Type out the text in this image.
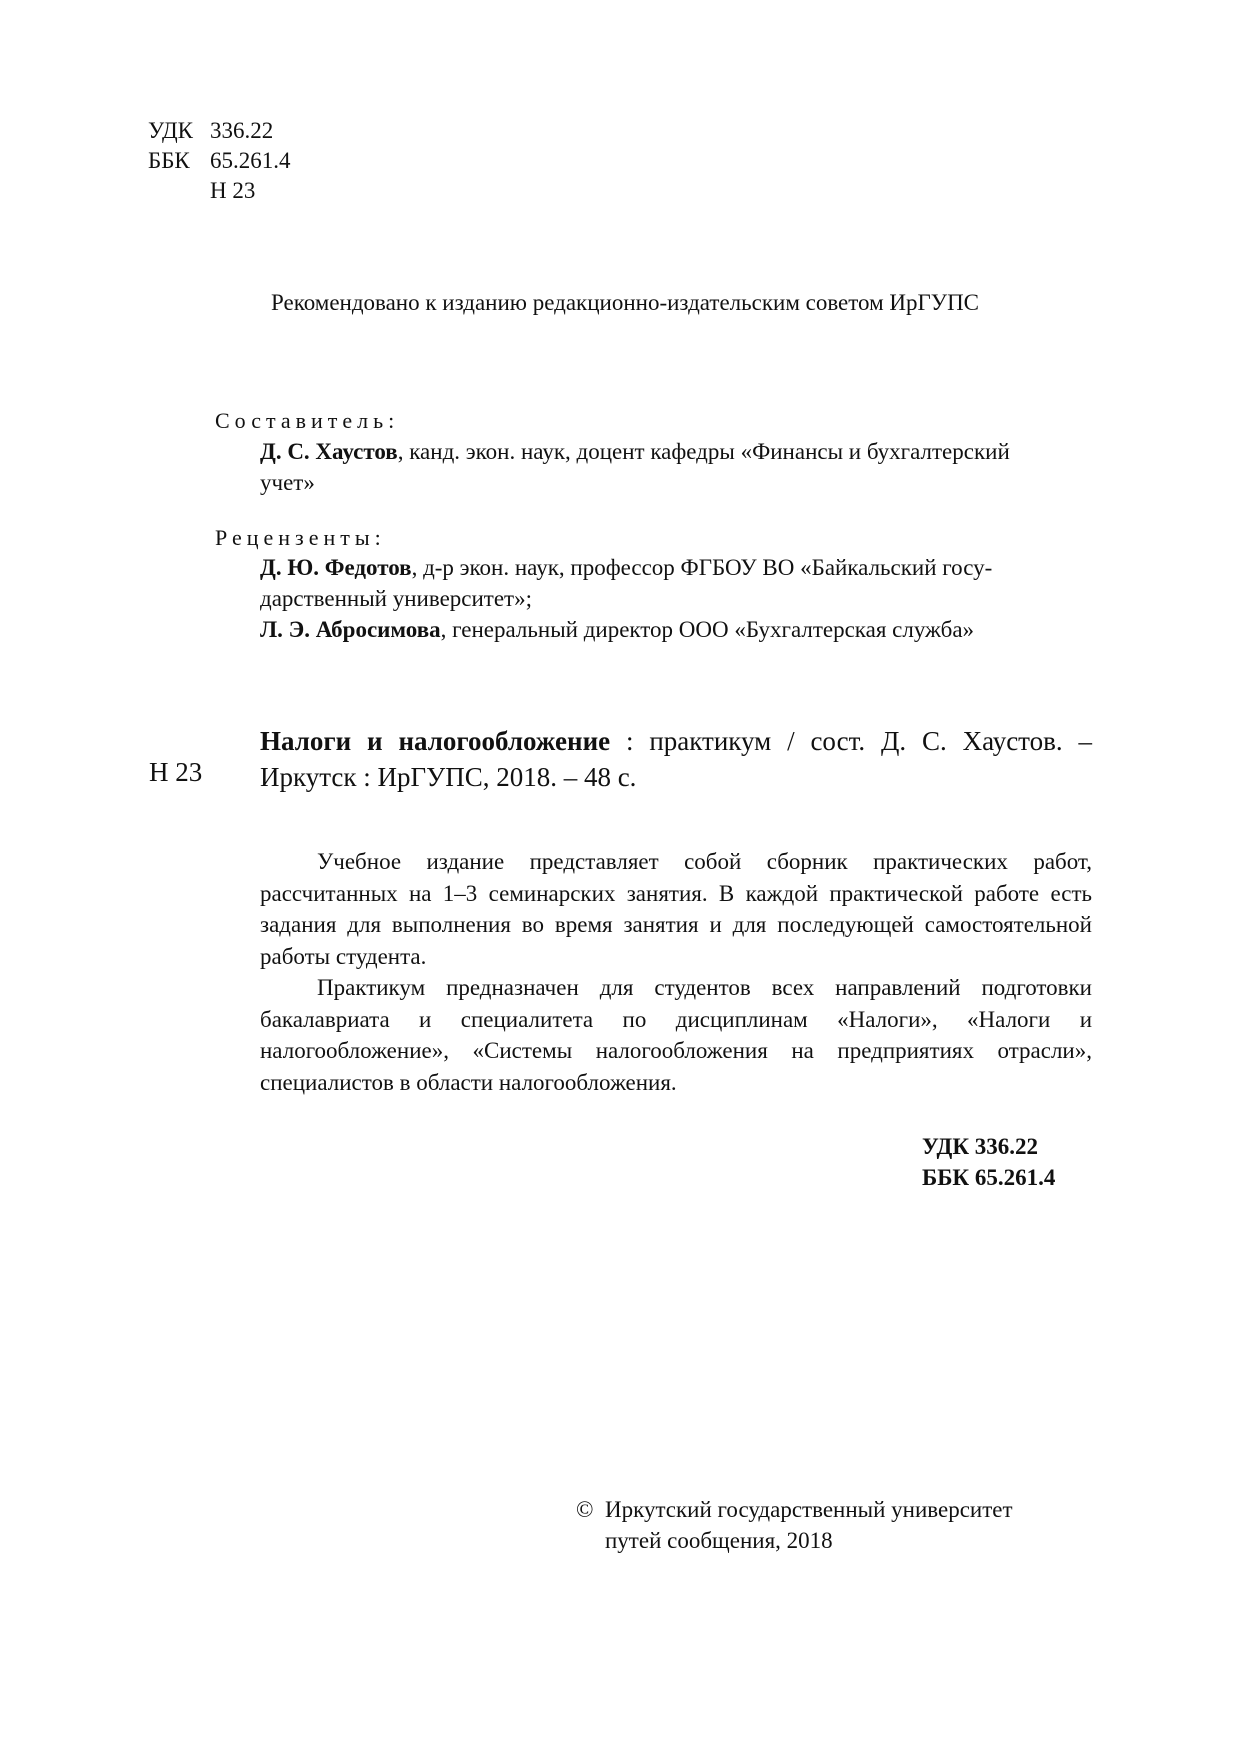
УДК 336.22
ББК 65.261.4
Н 23
Рекомендовано к изданию редакционно-издательским советом ИрГУПС
Составитель:
Д. С. Хаустов, канд. экон. наук, доцент кафедры «Финансы и бухгалтерский
учет»
Рецензенты:
Д. Ю. Федотов, д-р экон. наук, профессор ФГБОУ ВО «Байкальский госу-
дарственный университет»;
Л. Э. Абросимова, генеральный директор ООО «Бухгалтерская служба»
Н 23
Налоги и налогообложение : практикум / сост. Д. С. Хаустов. –
Иркутск : ИрГУПС, 2018. – 48 с.

Учебное издание представляет собой сборник практических работ, рассчитанных на 1–3 семинарских занятия. В каждой практической работе есть задания для выполнения во время занятия и для последующей самостоятельной работы студента.

Практикум предназначен для студентов всех направлений подготовки бакалавриата и специалитета по дисциплинам «Налоги», «Налоги и налогообложение», «Системы налогообложения на предприятиях отрасли», специалистов в области налогообложения.

УДК 336.22
ББК 65.261.4
© Иркутский государственный университет
путей сообщения, 2018
